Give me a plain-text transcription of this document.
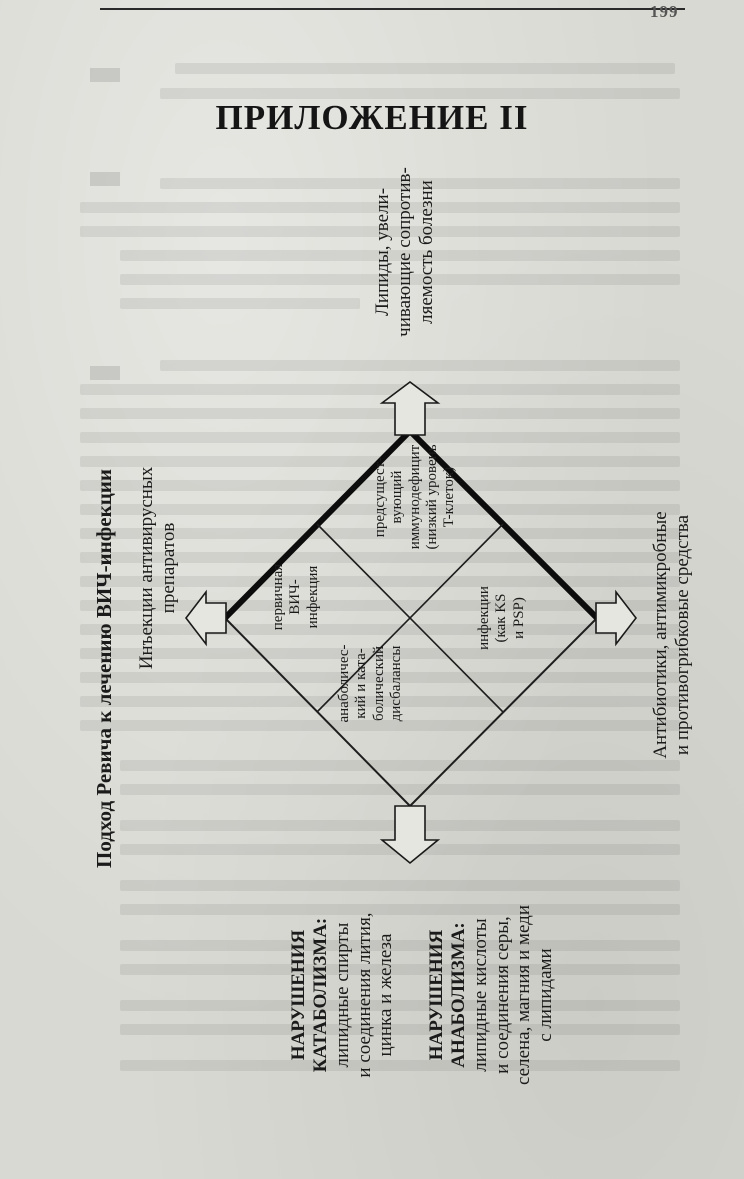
199
ПРИЛОЖЕНИЕ II
Подход Ревича к лечению ВИЧ-инфекции Инъекции антивирусных препаратов
НАРУШЕНИЯ КАТАБОЛИЗМА: липидные спирты и соединения лития, цинка и железа НАРУШЕНИЯ АНАБОЛИЗМА: липидные кислоты и соединения серы, селена, магния и меди с липидами
Липиды, увели- чивающие сопротив- ляемость болезни
Антибиотики, антимикробные и противогрибковые средства
первичная ВИЧ- инфекция
предсущест- вующий иммунодефицит (низкий уровень T-клеток)
анаболичес- кий и ката- болический дисбалансы
инфекции (как KS и PSP)
